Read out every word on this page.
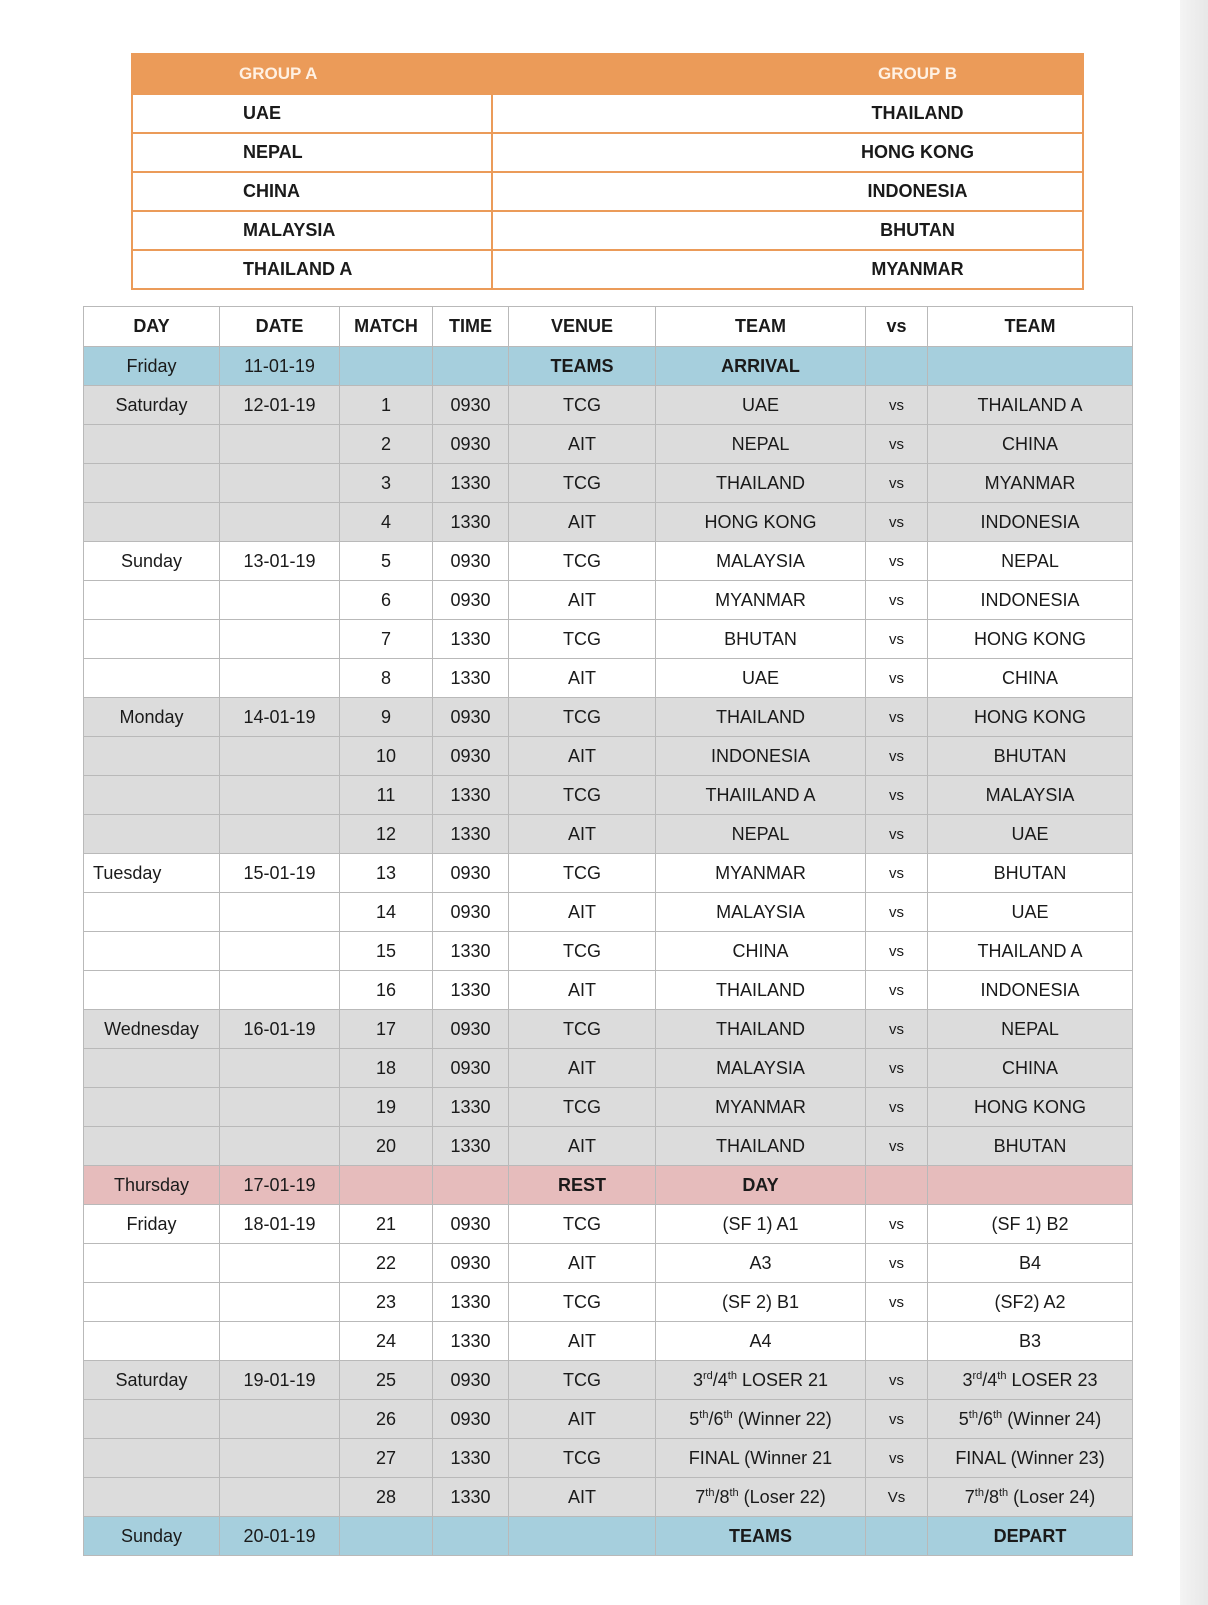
GROUP A	GROUP B
UAE	THAILAND
NEPAL	HONG KONG
CHINA	INDONESIA
MALAYSIA	BHUTAN
THAILAND A	MYANMAR
DAY	DATE	MATCH	TIME	VENUE	TEAM	vs	TEAM
Friday	11-01-19			TEAMS	ARRIVAL		
Saturday	12-01-19	1	0930	TCG	UAE	vs	THAILAND A
		2	0930	AIT	NEPAL	vs	CHINA
		3	1330	TCG	THAILAND	vs	MYANMAR
		4	1330	AIT	HONG KONG	vs	INDONESIA
Sunday	13-01-19	5	0930	TCG	MALAYSIA	vs	NEPAL
		6	0930	AIT	MYANMAR	vs	INDONESIA
		7	1330	TCG	BHUTAN	vs	HONG KONG
		8	1330	AIT	UAE	vs	CHINA
Monday	14-01-19	9	0930	TCG	THAILAND	vs	HONG KONG
		10	0930	AIT	INDONESIA	vs	BHUTAN
		11	1330	TCG	THAIILAND A	vs	MALAYSIA
		12	1330	AIT	NEPAL	vs	UAE
Tuesday	15-01-19	13	0930	TCG	MYANMAR	vs	BHUTAN
		14	0930	AIT	MALAYSIA	vs	UAE
		15	1330	TCG	CHINA	vs	THAILAND A
		16	1330	AIT	THAILAND	vs	INDONESIA
Wednesday	16-01-19	17	0930	TCG	THAILAND	vs	NEPAL
		18	0930	AIT	MALAYSIA	vs	CHINA
		19	1330	TCG	MYANMAR	vs	HONG KONG
		20	1330	AIT	THAILAND	vs	BHUTAN
Thursday	17-01-19			REST	DAY		
Friday	18-01-19	21	0930	TCG	(SF 1) A1	vs	(SF 1) B2
		22	0930	AIT	A3	vs	B4
		23	1330	TCG	(SF 2) B1	vs	(SF2) A2
		24	1330	AIT	A4		B3
Saturday	19-01-19	25	0930	TCG	3rd/4th LOSER 21	vs	3rd/4th LOSER 23
		26	0930	AIT	5th/6th (Winner 22)	vs	5th/6th (Winner 24)
		27	1330	TCG	FINAL (Winner 21	vs	FINAL (Winner 23)
		28	1330	AIT	7th/8th (Loser 22)	Vs	7th/8th (Loser 24)
Sunday	20-01-19				TEAMS		DEPART
